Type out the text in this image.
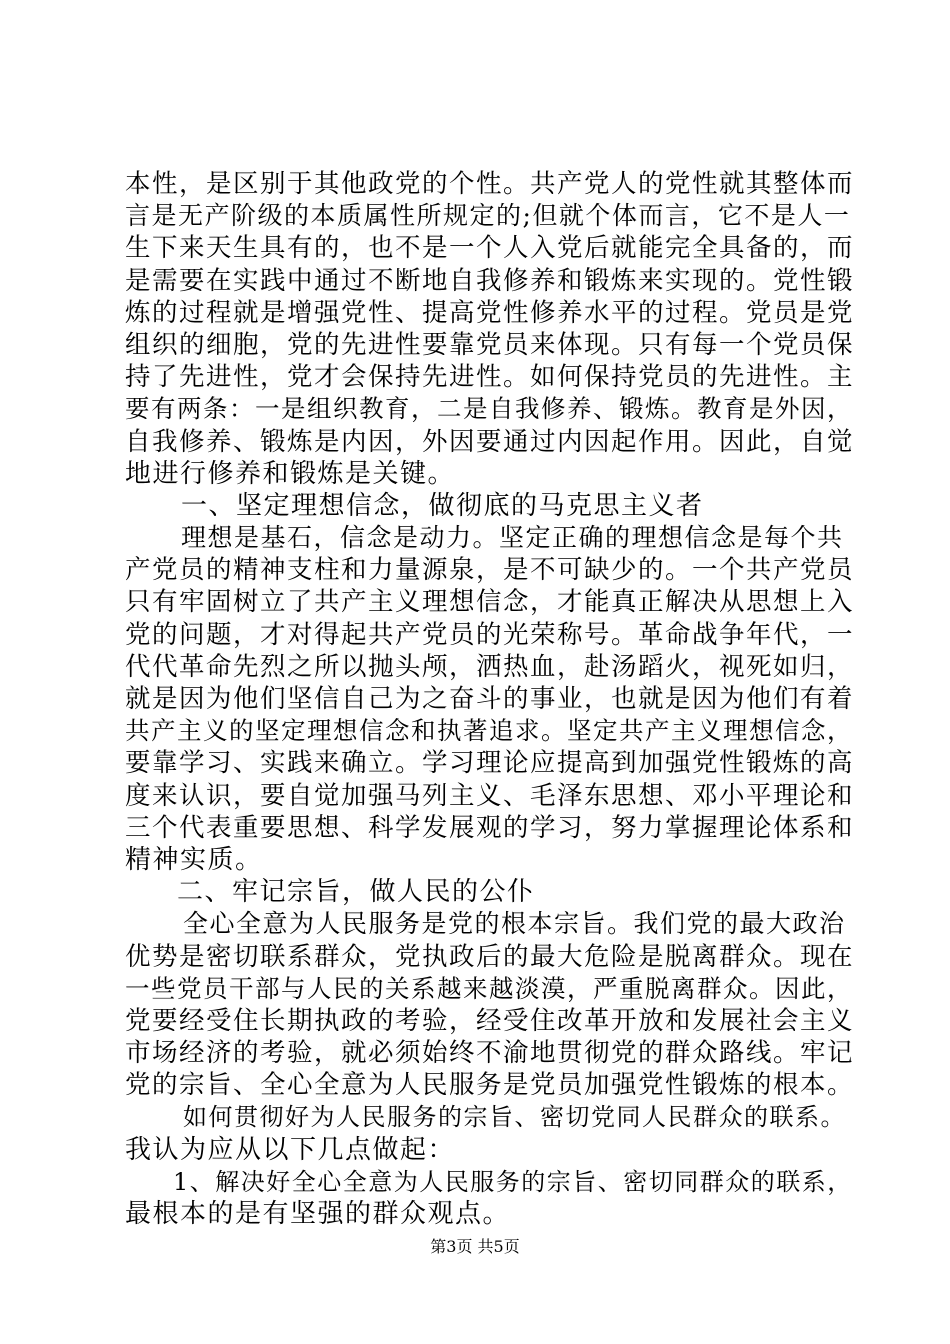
本性，是区别于其他政党的个性。共产党人的党性就其整体而
言是无产阶级的本质属性所规定的;但就个体而言，它不是人一
生下来天生具有的，也不是一个人入党后就能完全具备的，而
是需要在实践中通过不断地自我修养和锻炼来实现的。党性锻
炼的过程就是增强党性、提高党性修养水平的过程。党员是党
组织的细胞，党的先进性要靠党员来体现。只有每一个党员保
持了先进性，党才会保持先进性。如何保持党员的先进性。主
要有两条：一是组织教育，二是自我修养、锻炼。教育是外因，
自我修养、锻炼是内因，外因要通过内因起作用。因此，自觉
地进行修养和锻炼是关键。
一、坚定理想信念，做彻底的马克思主义者
理想是基石，信念是动力。坚定正确的理想信念是每个共
产党员的精神支柱和力量源泉，是不可缺少的。一个共产党员
只有牢固树立了共产主义理想信念，才能真正解决从思想上入
党的问题，才对得起共产党员的光荣称号。革命战争年代，一
代代革命先烈之所以抛头颅，洒热血，赴汤蹈火，视死如归，
就是因为他们坚信自己为之奋斗的事业，也就是因为他们有着
共产主义的坚定理想信念和执著追求。坚定共产主义理想信念，
要靠学习、实践来确立。学习理论应提高到加强党性锻炼的高
度来认识，要自觉加强马列主义、毛泽东思想、邓小平理论和
三个代表重要思想、科学发展观的学习，努力掌握理论体系和
精神实质。
二、牢记宗旨，做人民的公仆
全心全意为人民服务是党的根本宗旨。我们党的最大政治
优势是密切联系群众，党执政后的最大危险是脱离群众。现在
一些党员干部与人民的关系越来越淡漠，严重脱离群众。因此，
党要经受住长期执政的考验，经受住改革开放和发展社会主义
市场经济的考验，就必须始终不渝地贯彻党的群众路线。牢记
党的宗旨、全心全意为人民服务是党员加强党性锻炼的根本。
如何贯彻好为人民服务的宗旨、密切党同人民群众的联系。
我认为应从以下几点做起：
1、解决好全心全意为人民服务的宗旨、密切同群众的联系，
最根本的是有坚强的群众观点。
第3页 共5页
